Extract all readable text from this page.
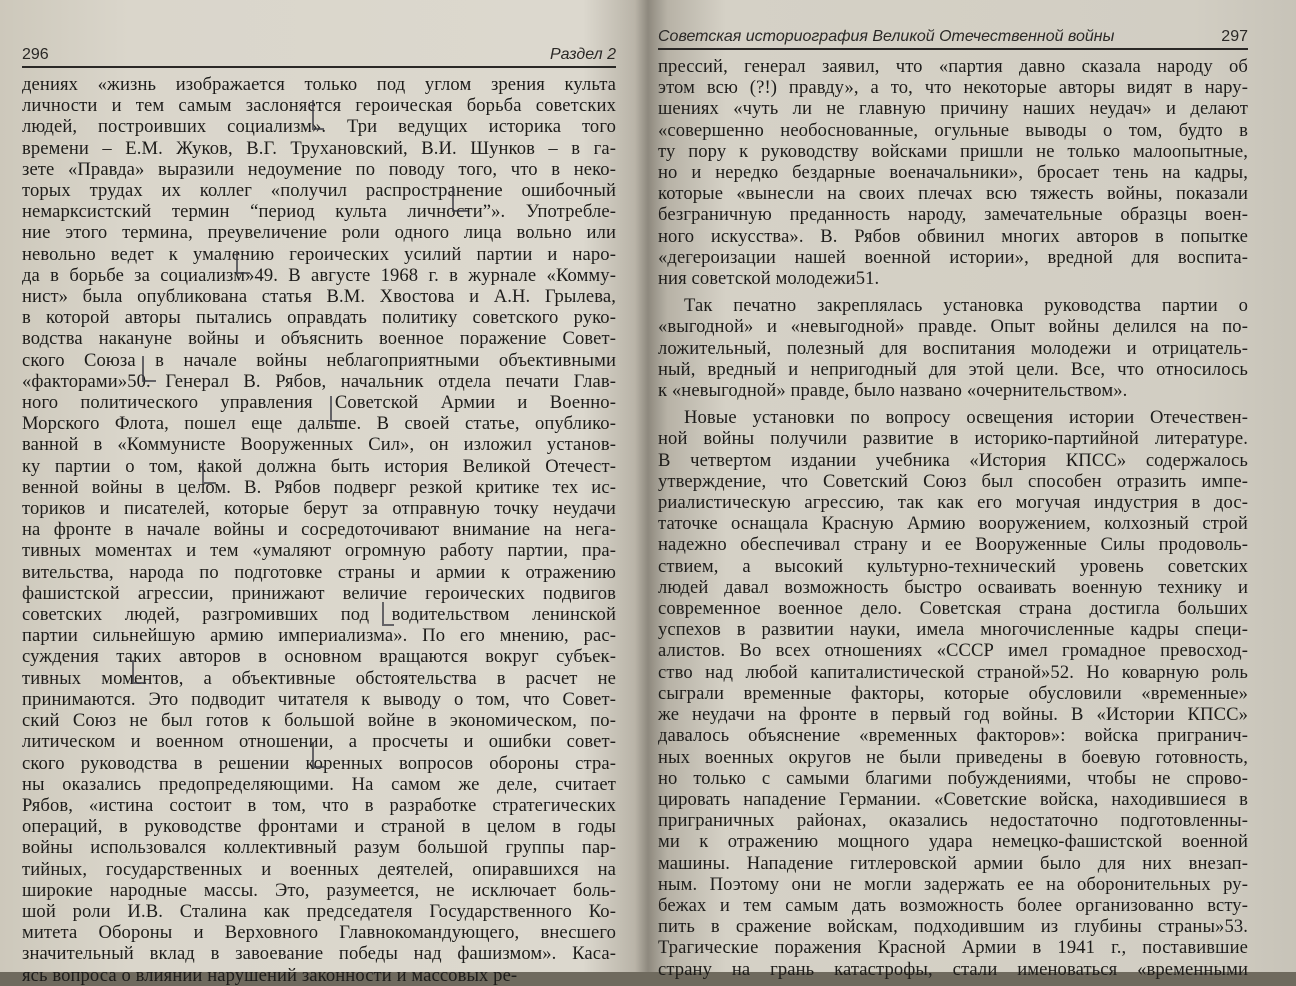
296	Раздел 2
дениях «жизнь изображается только под углом зрения культа
личности и тем самым заслоняется героическая борьба советских
людей, построивших социализм». Три ведущих историка того
времени – Е.М. Жуков, В.Г. Трухановский, В.И. Шунков – в га-
зете «Правда» выразили недоумение по поводу того, что в неко-
торых трудах их коллег «получил распространение ошибочный
немарксистский термин “период культа личности”». Употребле-
ние этого термина, преувеличение роли одного лица вольно или
невольно ведет к умалению героических усилий партии и наро-
да в борьбе за социализм»49. В августе 1968 г. в журнале «Комму-
нист» была опубликована статья В.М. Хвостова и А.Н. Грылева,
в которой авторы пытались оправдать политику советского руко-
водства накануне войны и объяснить военное поражение Совет-
ского Союза в начале войны неблагоприятными объективными
«факторами»50. Генерал В. Рябов, начальник отдела печати Глав-
ного политического управления Советской Армии и Военно-
Морского Флота, пошел еще дальше. В своей статье, опублико-
ванной в «Коммунисте Вооруженных Сил», он изложил установ-
ку партии о том, какой должна быть история Великой Отечест-
венной войны в целом. В. Рябов подверг резкой критике тех ис-
ториков и писателей, которые берут за отправную точку неудачи
на фронте в начале войны и сосредоточивают внимание на нега-
тивных моментах и тем «умаляют огромную работу партии, пра-
вительства, народа по подготовке страны и армии к отражению
фашистской агрессии, принижают величие героических подвигов
советских людей, разгромивших под водительством ленинской
партии сильнейшую армию империализма». По его мнению, рас-
суждения таких авторов в основном вращаются вокруг субъек-
тивных моментов, а объективные обстоятельства в расчет не
принимаются. Это подводит читателя к выводу о том, что Совет-
ский Союз не был готов к большой войне в экономическом, по-
литическом и военном отношении, а просчеты и ошибки совет-
ского руководства в решении коренных вопросов обороны стра-
ны оказались предопределяющими. На самом же деле, считает
Рябов, «истина состоит в том, что в разработке стратегических
операций, в руководстве фронтами и страной в целом в годы
войны использовался коллективный разум большой группы пар-
тийных, государственных и военных деятелей, опиравшихся на
широкие народные массы. Это, разумеется, не исключает боль-
шой роли И.В. Сталина как председателя Государственного Ко-
митета Обороны и Верховного Главнокомандующего, внесшего
значительный вклад в завоевание победы над фашизмом». Каса-
ясь вопроса о влиянии нарушений законности и массовых ре-
Советская историография Великой Отечественной войны	297
прессий, генерал заявил, что «партия давно сказала народу об
этом всю (?!) правду», а то, что некоторые авторы видят в нару-
шениях «чуть ли не главную причину наших неудач» и делают
«совершенно необоснованные, огульные выводы о том, будто в
ту пору к руководству войсками пришли не только малоопытные,
но и нередко бездарные военачальники», бросает тень на кадры,
которые «вынесли на своих плечах всю тяжесть войны, показали
безграничную преданность народу, замечательные образцы воен-
ного искусства». В. Рябов обвинил многих авторов в попытке
«дегероизации нашей военной истории», вредной для воспита-
ния советской молодежи51.
Так печатно закреплялась установка руководства партии о
«выгодной» и «невыгодной» правде. Опыт войны делился на по-
ложительный, полезный для воспитания молодежи и отрицатель-
ный, вредный и непригодный для этой цели. Все, что относилось
к «невыгодной» правде, было названо «очернительством».
Новые установки по вопросу освещения истории Отечествен-
ной войны получили развитие в историко-партийной литературе.
В четвертом издании учебника «История КПСС» содержалось
утверждение, что Советский Союз был способен отразить импе-
риалистическую агрессию, так как его могучая индустрия в дос-
таточке оснащала Красную Армию вооружением, колхозный строй
надежно обеспечивал страну и ее Вооруженные Силы продоволь-
ствием, а высокий культурно-технический уровень советских
людей давал возможность быстро осваивать военную технику и
современное военное дело. Советская страна достигла больших
успехов в развитии науки, имела многочисленные кадры специ-
алистов. Во всех отношениях «СССР имел громадное превосход-
ство над любой капиталистической страной»52. Но коварную роль
сыграли временные факторы, которые обусловили «временные»
же неудачи на фронте в первый год войны. В «Истории КПСС»
давалось объяснение «временных факторов»: войска пригранич-
ных военных округов не были приведены в боевую готовность,
но только с самыми благими побуждениями, чтобы не спрово-
цировать нападение Германии. «Советские войска, находившиеся в
приграничных районах, оказались недостаточно подготовленны-
ми к отражению мощного удара немецко-фашистской военной
машины. Нападение гитлеровской армии было для них внезап-
ным. Поэтому они не могли задержать ее на оборонительных ру-
бежах и тем самым дать возможность более организованно всту-
пить в сражение войскам, подходившим из глубины страны»53.
Трагические поражения Красной Армии в 1941 г., поставившие
страну на грань катастрофы, стали именоваться «временными
